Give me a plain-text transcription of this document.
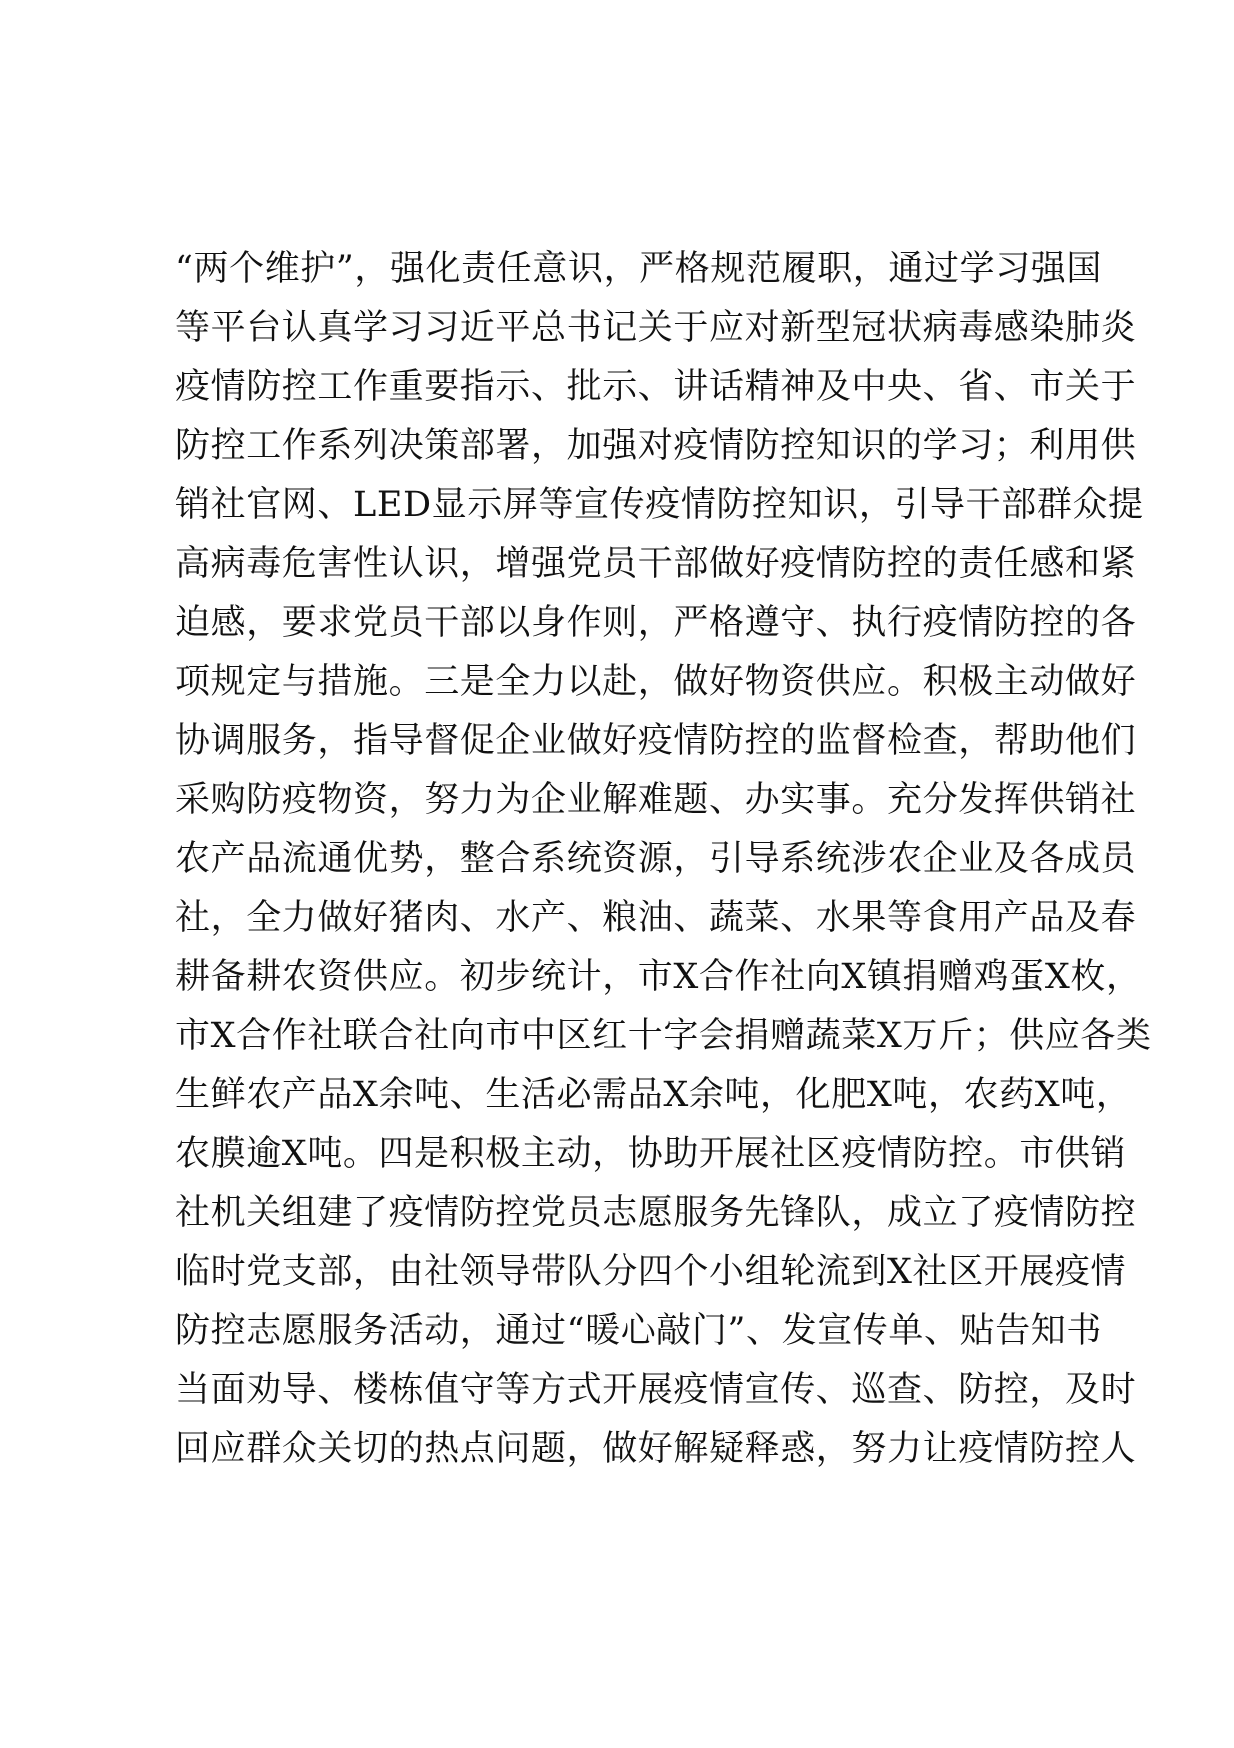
“两个维护”，强化责任意识，严格规范履职，通过学习强国
等平台认真学习习近平总书记关于应对新型冠状病毒感染肺炎
疫情防控工作重要指示、批示、讲话精神及中央、省、市关于
防控工作系列决策部署，加强对疫情防控知识的学习；利用供
销社官网、LED显示屏等宣传疫情防控知识，引导干部群众提
高病毒危害性认识，增强党员干部做好疫情防控的责任感和紧
迫感，要求党员干部以身作则，严格遵守、执行疫情防控的各
项规定与措施。三是全力以赴，做好物资供应。积极主动做好
协调服务，指导督促企业做好疫情防控的监督检查，帮助他们
采购防疫物资，努力为企业解难题、办实事。充分发挥供销社
农产品流通优势，整合系统资源，引导系统涉农企业及各成员
社，全力做好猪肉、水产、粮油、蔬菜、水果等食用产品及春
耕备耕农资供应。初步统计，市X合作社向X镇捐赠鸡蛋X枚，
市X合作社联合社向市中区红十字会捐赠蔬菜X万斤；供应各类
生鲜农产品X余吨、生活必需品X余吨，化肥X吨，农药X吨，
农膜逾X吨。四是积极主动，协助开展社区疫情防控。市供销
社机关组建了疫情防控党员志愿服务先锋队，成立了疫情防控
临时党支部，由社领导带队分四个小组轮流到X社区开展疫情
防控志愿服务活动，通过“暖心敲门”、发宣传单、贴告知书
当面劝导、楼栋值守等方式开展疫情宣传、巡查、防控，及时
回应群众关切的热点问题，做好解疑释惑，努力让疫情防控人
